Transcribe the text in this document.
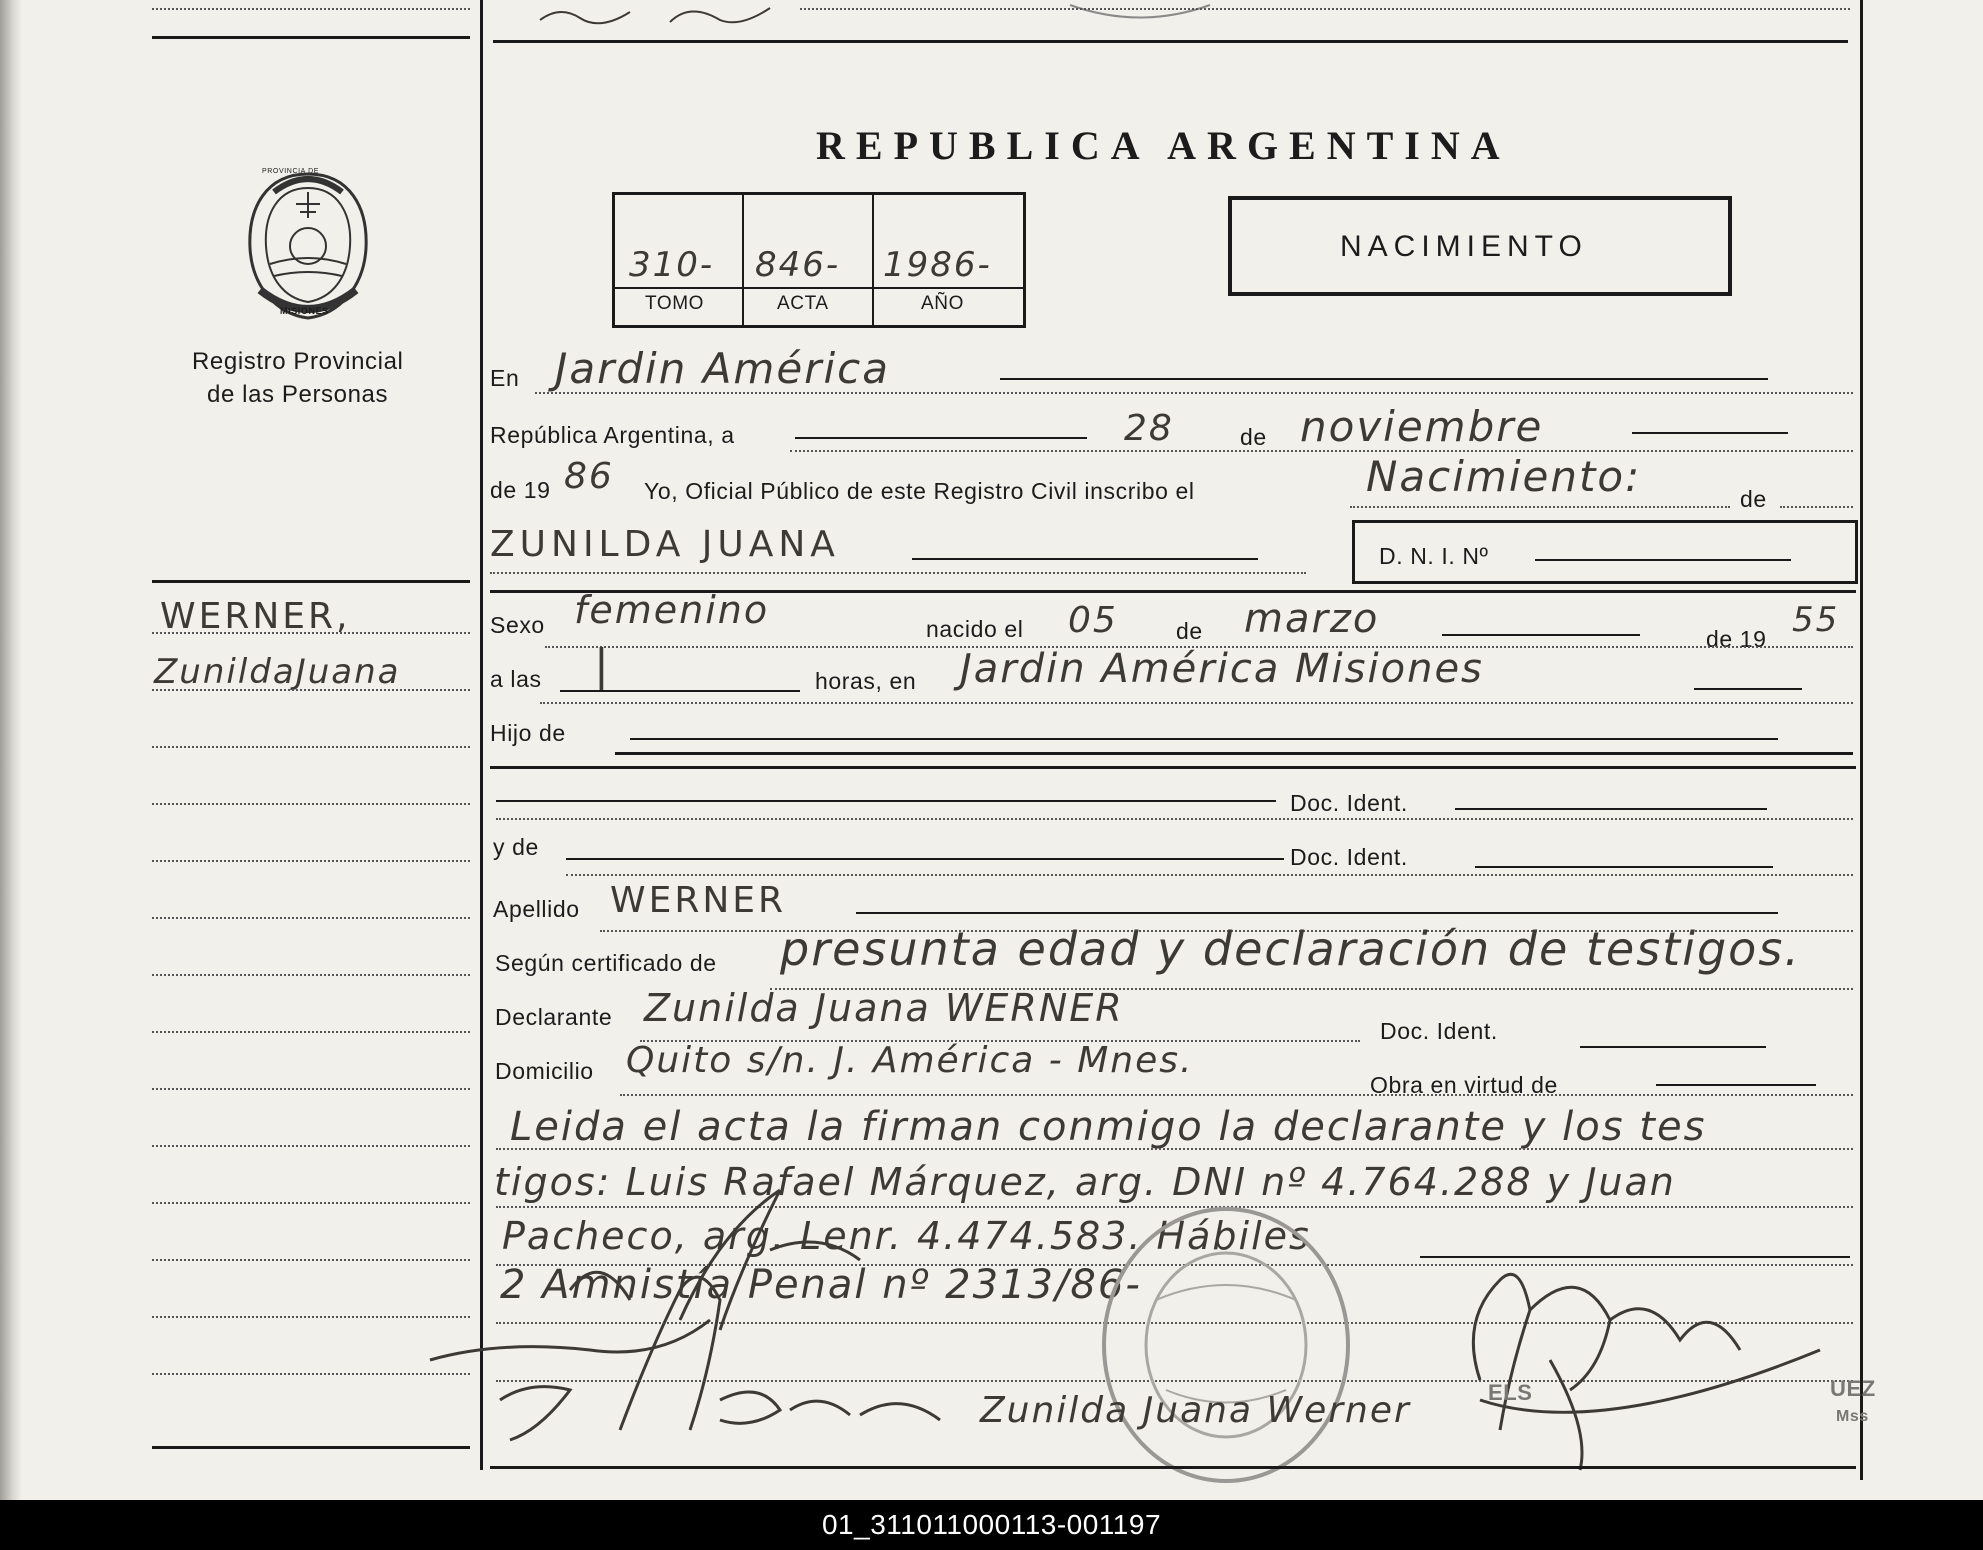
REPUBLICA ARGENTINA
PROVINCIA DE
MISIONES
Registro Provincial
de las Personas
310- 846- 1986-
TOMO	ACTA	AÑO
NACIMIENTO
En Jardin América
República Argentina, a	28	de noviembre
de 19 86 Yo, Oficial Público de este Registro Civil inscribo el	Nacimiento:	de
ZUNILDA JUANA	D. N. I. Nº
Sexo femenino	nacido el 05	de marzo	de 19 55
a las |	horas, en Jardin América Misiones
Hijo de
Doc. Ident.
y de	Doc. Ident.
Apellido WERNER
Según certificado de presunta edad y declaración de testigos.
Declarante Zunilda Juana WERNER
Doc. Ident.
Domicilio Quito s/n. J. América - Mnes.
Obra en virtud de
Leida el acta la firman conmigo la declarante y los tes
tigos: Luis Rafael Márquez, arg. DNI nº 4.764.288 y Juan
Pacheco, arg. Lenr. 4.474.583. Hábiles
2 Amnistía Penal nº 2313/86-
Zunilda Juana Werner	ELS	UEZ
Mss
WERNER,
ZunildaJuana
01_311011000113-001197
